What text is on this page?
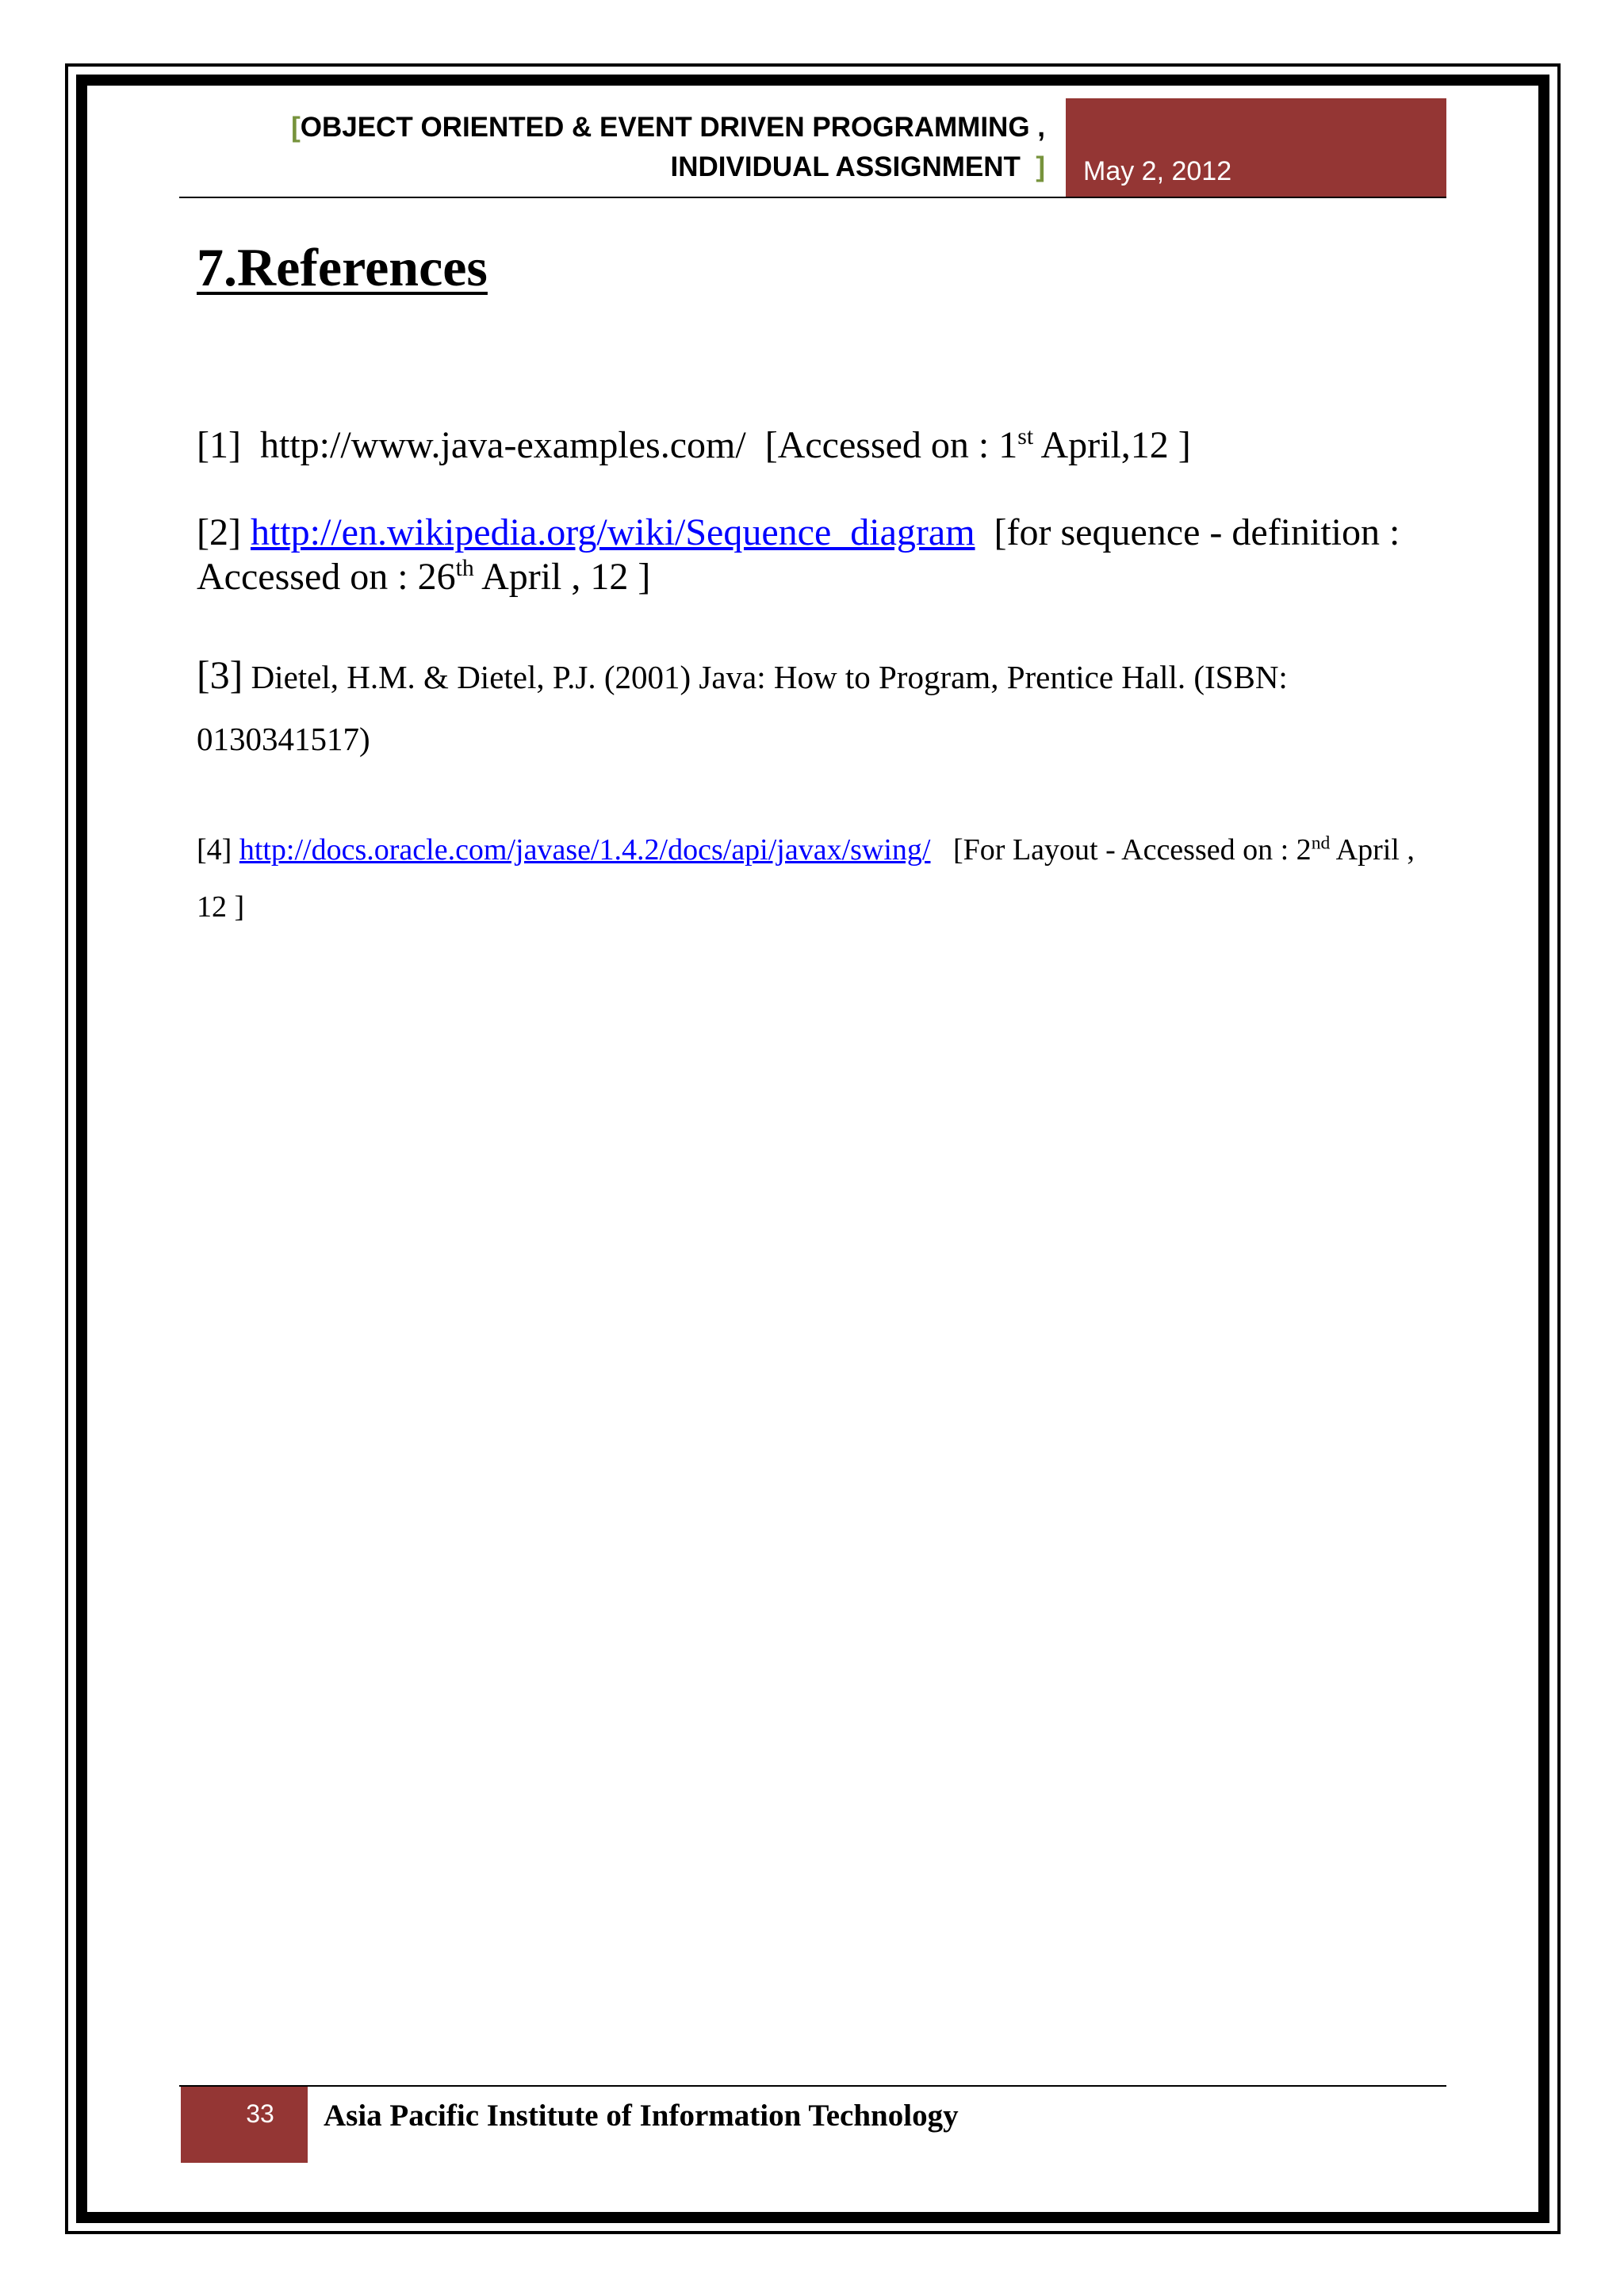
[OBJECT ORIENTED & EVENT DRIVEN PROGRAMMING ,
INDIVIDUAL ASSIGNMENT ] May 2, 2012
7.References

[1] http://www.java-examples.com/ [Accessed on : 1st April,12 ]

[2] http://en.wikipedia.org/wiki/Sequence_diagram [for sequence - definition : Accessed on : 26th April , 12 ]

[3] Dietel, H.M. & Dietel, P.J. (2001) Java: How to Program, Prentice Hall. (ISBN: 0130341517)

[4] http://docs.oracle.com/javase/1.4.2/docs/api/javax/swing/ [For Layout - Accessed on : 2nd April , 12 ]

33 Asia Pacific Institute of Information Technology
